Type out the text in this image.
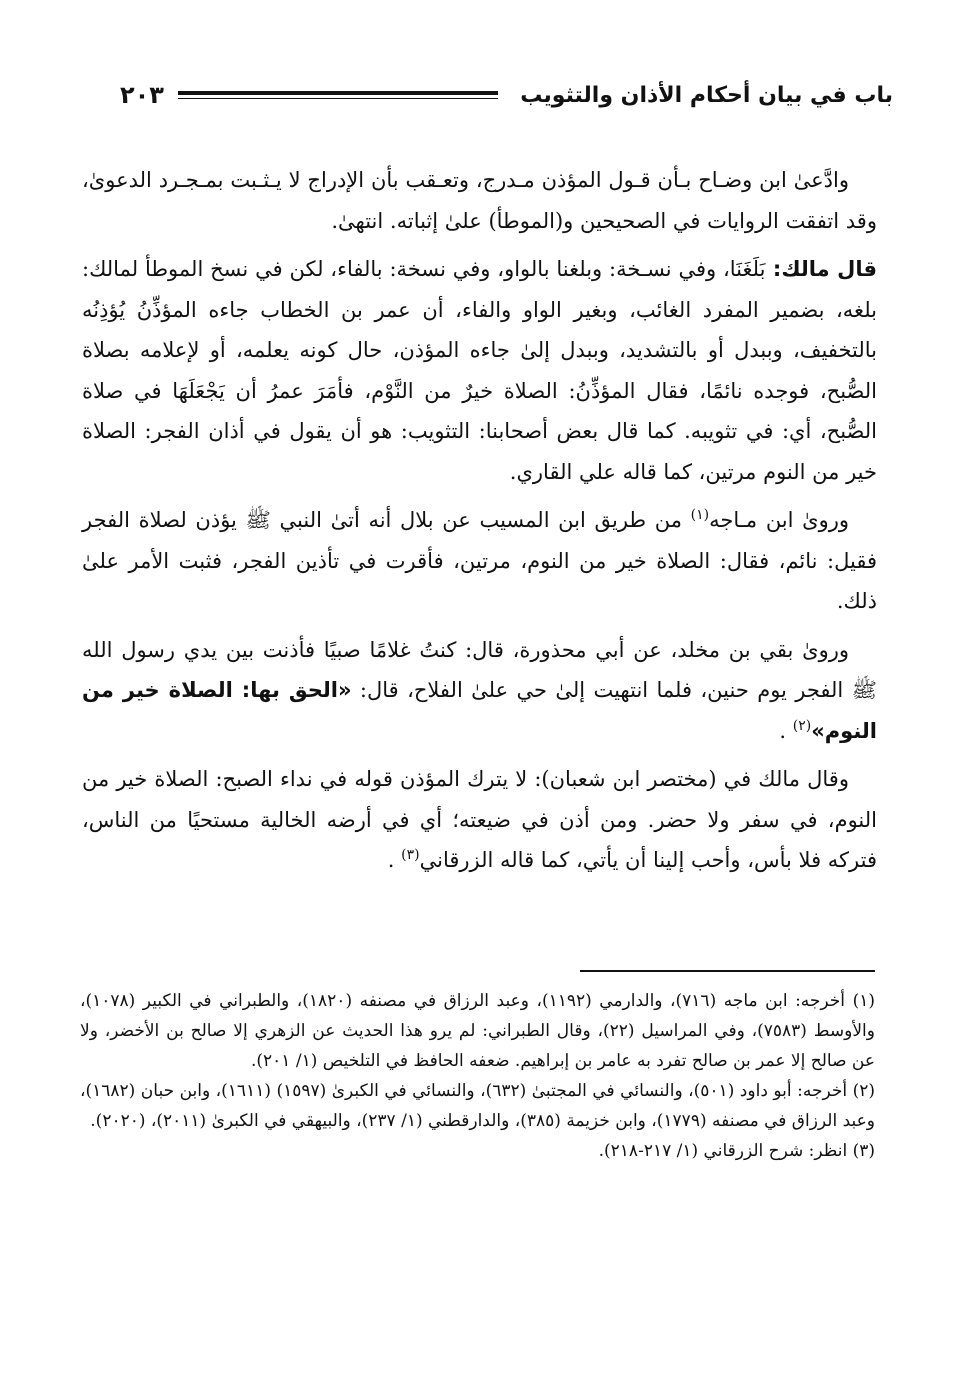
باب في بيان أحكام الأذان والتثويب
٢٠٣

وادَّعىٰ ابن وضـاح بـأن قـول المؤذن مـدرج، وتعـقب بأن الإدراج لا يـثـبت بمـجـرد الدعوىٰ، وقد اتفقت الروايات في الصحيحين و(الموطأ) علىٰ إثباته. انتهىٰ.

قال مالك: بَلَغَنَا، وفي نسـخة: وبلغنا بالواو، وفي نسخة: بالفاء، لكن في نسخ الموطأ لمالك: بلغه، بضمير المفرد الغائب، وبغير الواو والفاء، أن عمر بن الخطاب جاءه المؤذِّنُ يُؤذِنُه بالتخفيف، وببدل أو بالتشديد، وببدل إلىٰ جاءه المؤذن، حال كونه يعلمه، أو لإعلامه بصلاة الصُّبح، فوجده نائمًا، فقال المؤذِّنُ: الصلاة خيرٌ من النَّوْم، فأمَرَ عمرُ أن يَجْعَلَهَا في صلاة الصُّبح، أي: في تثويبه. كما قال بعض أصحابنا: التثويب: هو أن يقول في أذان الفجر: الصلاة خير من النوم مرتين، كما قاله علي القاري.

وروىٰ ابن مـاجه$^{(١)}$ من طريق ابن المسيب عن بلال أنه أتىٰ النبي ﷺ يؤذن لصلاة الفجر فقيل: نائم، فقال: الصلاة خير من النوم، مرتين، فأقرت في تأذين الفجر، فثبت الأمر علىٰ ذلك.

وروىٰ بقي بن مخلد، عن أبي محذورة، قال: كنتُ غلامًا صبيًا فأذنت بين يدي رسول الله ﷺ الفجر يوم حنين، فلما انتهيت إلىٰ حي علىٰ الفلاح، قال: «الحق بها: الصلاة خير من النوم»$^{(٢)}$ .

وقال مالك في (مختصر ابن شعبان): لا يترك المؤذن قوله في نداء الصبح: الصلاة خير من النوم، في سفر ولا حضر. ومن أذن في ضيعته؛ أي في أرضه الخالية مستحيًا من الناس، فتركه فلا بأس، وأحب إلينا أن يأتي، كما قاله الزرقاني$^{(٣)}$ .

(١) أخرجه: ابن ماجه (٧١٦)، والدارمي (١١٩٢)، وعبد الرزاق في مصنفه (١٨٢٠)، والطبراني في الكبير (١٠٧٨)، والأوسط (٧٥٨٣)، وفي المراسيل (٢٢)، وقال الطبراني: لم يرو هذا الحديث عن الزهري إلا صالح بن الأخضر، ولا عن صالح إلا عمر بن صالح تفرد به عامر بن إبراهيم. ضعفه الحافظ في التلخيص (١/ ٢٠١).

(٢) أخرجه: أبو داود (٥٠١)، والنسائي في المجتبىٰ (٦٣٢)، والنسائي في الكبرىٰ (١٥٩٧) (١٦١١)، وابن حبان (١٦٨٢)، وعبد الرزاق في مصنفه (١٧٧٩)، وابن خزيمة (٣٨٥)، والدارقطني (١/ ٢٣٧)، والبيهقي في الكبرىٰ (٢٠١١)، (٢٠٢٠).

(٣) انظر: شرح الزرقاني (١/ ٢١٧-٢١٨).
